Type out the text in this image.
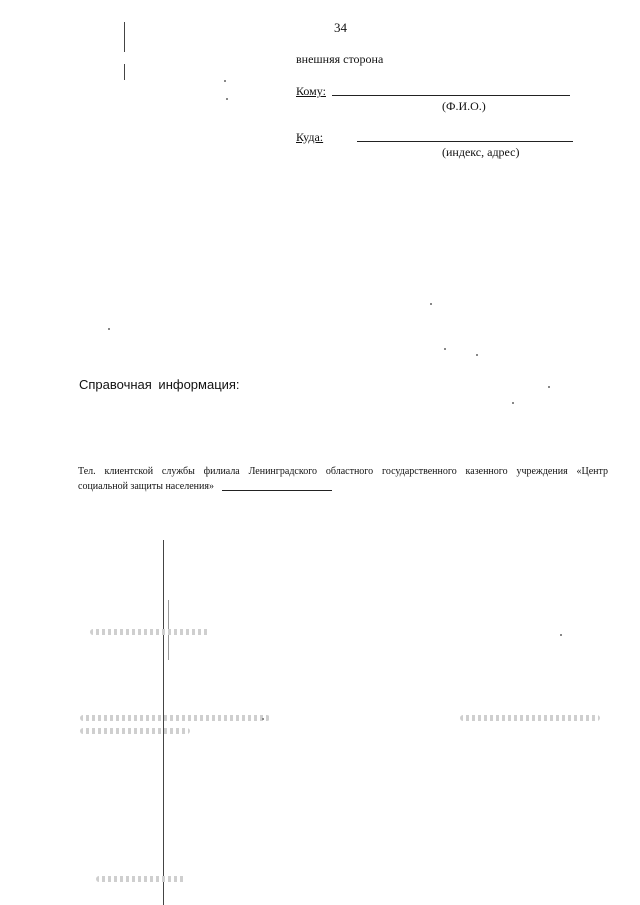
34
внешняя сторона
Кому:
(Ф.И.О.)
Куда:
(индекс, адрес)
Справочная информация:
Тел. клиентской службы филиала Ленинградского областного государственного казенного учреждения «Центр
социальной защиты населения»
